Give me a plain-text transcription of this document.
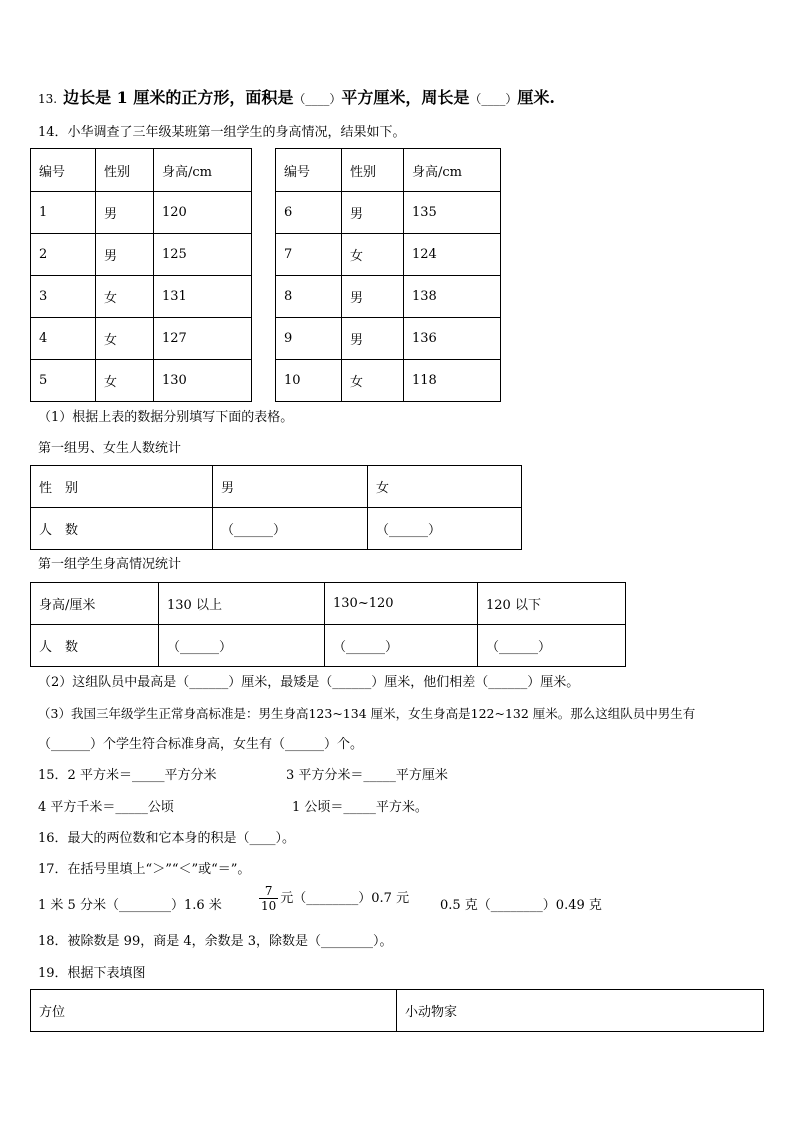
13. 边长是 1 厘米的正方形，面积是（____）平方厘米，周长是（____）厘米.
14．小华调查了三年级某班第一组学生的身高情况，结果如下。
编号	性别	身高/cm		编号	性别	身高/cm
1	男	120		6	男	135
2	男	125		7	女	124
3	女	131		8	男	138
4	女	127		9	男	136
5	女	130		10	女	118
（1）根据上表的数据分别填写下面的表格。
第一组男、女生人数统计
性　别	男	女
人　数	（______）	（______）
第一组学生身高情况统计
身高/厘米	130 以上	130~120	120 以下
人　数	（______）	（______）	（______）
（2）这组队员中最高是（______）厘米，最矮是（______）厘米，他们相差（______）厘米。
（3）我国三年级学生正常身高标准是：男生身高123~134 厘米，女生身高是122~132 厘米。那么这组队员中男生有
（______）个学生符合标准身高，女生有（______）个。
15．2 平方米＝_____平方分米	3 平方分米＝_____平方厘米
4 平方千米＝_____公顷	1 公顷＝_____平方米。
16．最大的两位数和它本身的积是（____）。
17．在括号里填上“＞”“＜”或“＝”。
1 米 5 分米（________）1.6 米	$\frac{7}{10}$ 元（________）0.7 元 0.5 克（________）0.49 克
18．被除数是 99，商是 4，余数是 3，除数是（________）。
19．根据下表填图
方位	小动物家
